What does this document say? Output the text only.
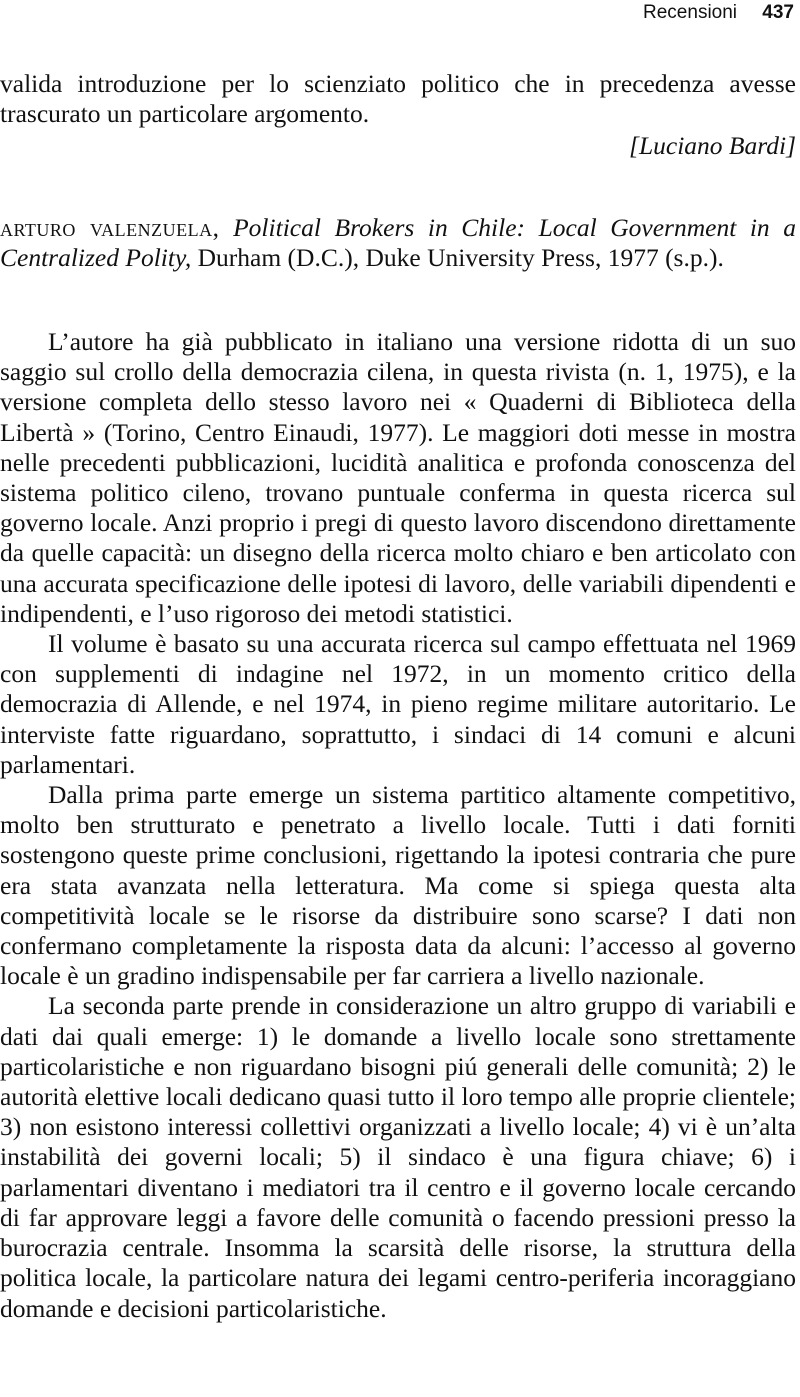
Recensioni 437

valida introduzione per lo scienziato politico che in precedenza avesse trascurato un particolare argomento.

[Luciano Bardi]

arturo valenzuela, Political Brokers in Chile: Local Government in a Centralized Polity, Durham (D.C.), Duke University Press, 1977 (s.p.).

L’autore ha già pubblicato in italiano una versione ridotta di un suo saggio sul crollo della democrazia cilena, in questa rivista (n. 1, 1975), e la versione completa dello stesso lavoro nei « Quaderni di Biblioteca della Libertà » (Torino, Centro Einaudi, 1977). Le maggiori doti messe in mostra nelle precedenti pubblicazioni, lucidità analitica e profonda conoscenza del sistema politico cileno, trovano puntuale conferma in questa ricerca sul governo locale. Anzi proprio i pregi di questo lavoro discendono direttamente da quelle capacità: un disegno della ricerca molto chiaro e ben articolato con una accurata specificazione delle ipotesi di lavoro, delle variabili dipendenti e indipendenti, e l’uso rigoroso dei metodi statistici.

Il volume è basato su una accurata ricerca sul campo effettuata nel 1969 con supplementi di indagine nel 1972, in un momento critico della democrazia di Allende, e nel 1974, in pieno regime militare autoritario. Le interviste fatte riguardano, soprattutto, i sindaci di 14 comuni e alcuni parlamentari.

Dalla prima parte emerge un sistema partitico altamente competitivo, molto ben strutturato e penetrato a livello locale. Tutti i dati forniti sostengono queste prime conclusioni, rigettando la ipotesi contraria che pure era stata avanzata nella letteratura. Ma come si spiega questa alta competitività locale se le risorse da distribuire sono scarse? I dati non confermano completamente la risposta data da alcuni: l’accesso al governo locale è un gradino indispensabile per far carriera a livello nazionale.

La seconda parte prende in considerazione un altro gruppo di variabili e dati dai quali emerge: 1) le domande a livello locale sono strettamente particolaristiche e non riguardano bisogni piú generali delle comunità; 2) le autorità elettive locali dedicano quasi tutto il loro tempo alle proprie clientele; 3) non esistono interessi collettivi organizzati a livello locale; 4) vi è un’alta instabilità dei governi locali; 5) il sindaco è una figura chiave; 6) i parlamentari diventano i mediatori tra il centro e il governo locale cercando di far approvare leggi a favore delle comunità o facendo pressioni presso la burocrazia centrale. Insomma la scarsità delle risorse, la struttura della politica locale, la particolare natura dei legami centro-periferia incoraggiano domande e decisioni particolaristiche.
